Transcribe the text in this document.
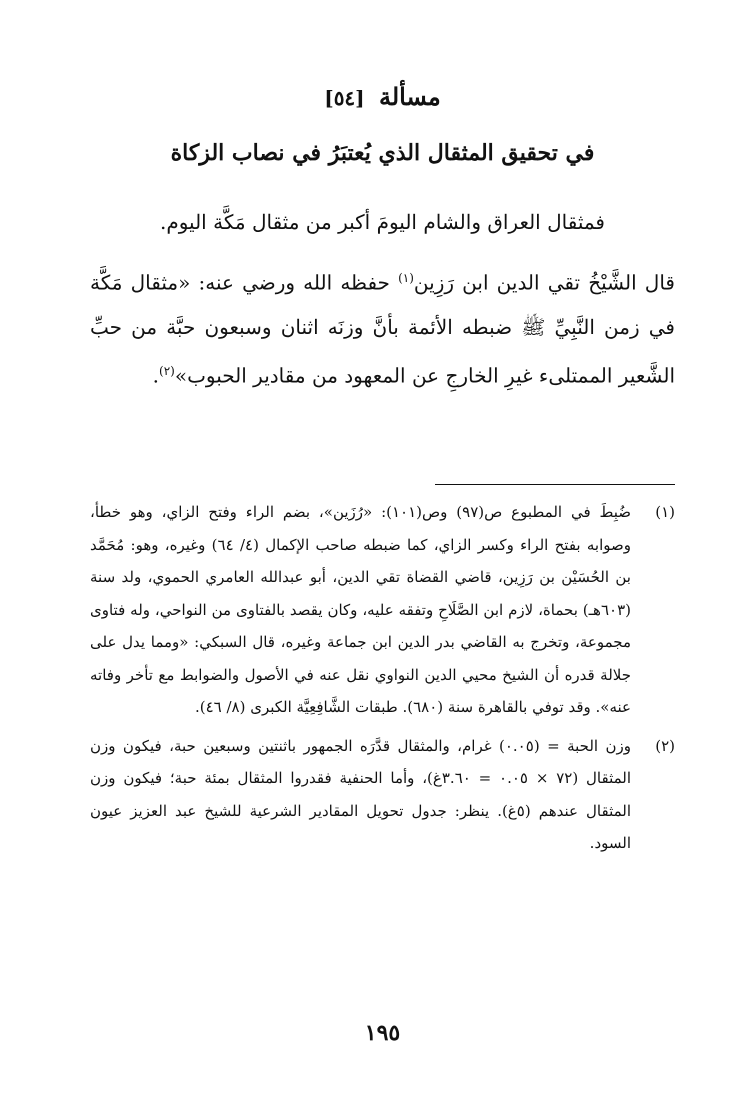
مسألة [٥٤]
في تحقيق المثقال الذي يُعتبَرُ في نصاب الزكاة

فمثقال العراق والشام اليومَ أكبر من مثقال مَكَّة اليوم.

قال الشَّيْخُ تقي الدين ابن رَزِين$^{(١)}$ حفظه الله ورضي عنه: «مثقال مَكَّة في زمن النَّبِيِّ ﷺ ضبطه الأئمة بأنَّ وزنَه اثنان وسبعون حبَّة من حبِّ الشَّعير الممتلىء غيرِ الخارجِ عن المعهود من مقادير الحبوب»$^{(٢)}$.

(١)
ضُبِطَ في المطبوع ص(٩٧) وص(١٠١): «رُزَين»، بضم الراء وفتح الزاي، وهو خطأ، وصوابه بفتح الراء وكسر الزاي، كما ضبطه صاحب الإكمال (٤/ ٦٤) وغيره، وهو: مُحَمَّد بن الحُسَيْن بن رَزِين، قاضي القضاة تقي الدين، أبو عبدالله العامري الحموي، ولد سنة (٦٠٣هـ) بحماة، لازم ابن الصَّلَاحِ وتفقه عليه، وكان يقصد بالفتاوى من النواحي، وله فتاوى مجموعة، وتخرج به القاضي بدر الدين ابن جماعة وغيره، قال السبكي: «ومما يدل على جلالة قدره أن الشيخ محيي الدين النواوي نقل عنه في الأصول والضوابط مع تأخر وفاته عنه». وقد توفي بالقاهرة سنة (٦٨٠). طبقات الشَّافِعِيَّة الكبرى (٨/ ٤٦).
(٢)
وزن الحبة = (٠.٠٥) غرام، والمثقال قدَّرَه الجمهور باثنتين وسبعين حبة، فيكون وزن المثقال (٧٢ × ٠.٠٥ = ٣.٦٠غ)، وأما الحنفية فقدروا المثقال بمئة حبة؛ فيكون وزن المثقال عندهم (٥غ). ينظر: جدول تحويل المقادير الشرعية للشيخ عبد العزيز عيون السود.
١٩٥
